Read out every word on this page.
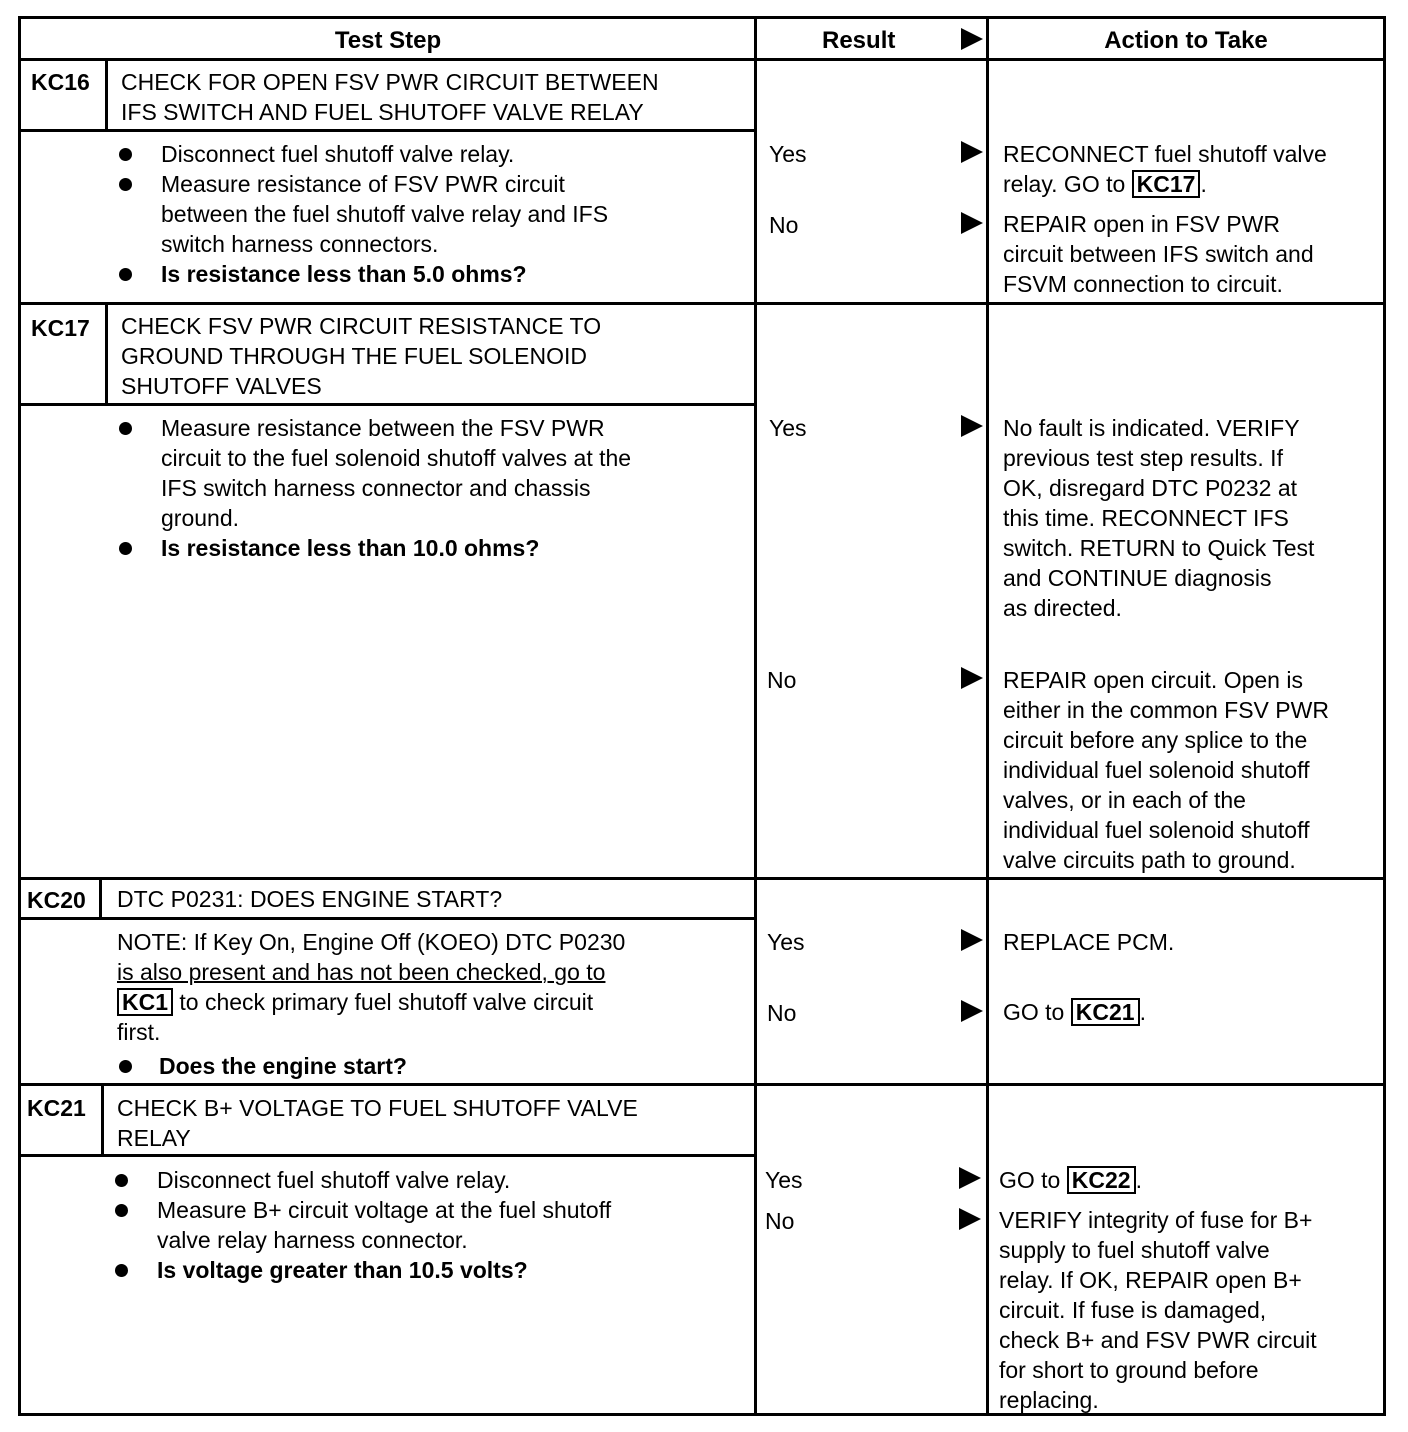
Test Step	Result	Action to Take
KC16 CHECK FOR OPEN FSV PWR CIRCUIT BETWEEN
IFS SWITCH AND FUEL SHUTOFF VALVE RELAY
Disconnect fuel shutoff valve relay.
Measure resistance of FSV PWR circuit
between the fuel shutoff valve relay and IFS
switch harness connectors.
Is resistance less than 5.0 ohms?
Yes	RECONNECT fuel shutoff valve
relay. GO to KC17 .
No	REPAIR open in FSV PWR
circuit between IFS switch and
FSVM connection to circuit.
KC17 CHECK FSV PWR CIRCUIT RESISTANCE TO
GROUND THROUGH THE FUEL SOLENOID
SHUTOFF VALVES
Measure resistance between the FSV PWR
circuit to the fuel solenoid shutoff valves at the
IFS switch harness connector and chassis
ground.
Is resistance less than 10.0 ohms?
Yes	No fault is indicated. VERIFY
previous test step results. If
OK, disregard DTC P0232 at
this time. RECONNECT IFS
switch. RETURN to Quick Test
and CONTINUE diagnosis
as directed.
No	REPAIR open circuit. Open is
either in the common FSV PWR
circuit before any splice to the
individual fuel solenoid shutoff
valves, or in each of the
individual fuel solenoid shutoff
valve circuits path to ground.
KC20 DTC P0231: DOES ENGINE START?
NOTE: If Key On, Engine Off (KOEO) DTC P0230
is also present and has not been checked, go to
KC1 to check primary fuel shutoff valve circuit
first.
Does the engine start?
Yes	REPLACE PCM.
No	GO to KC21 .
KC21 CHECK B+ VOLTAGE TO FUEL SHUTOFF VALVE
RELAY
Disconnect fuel shutoff valve relay.
Measure B+ circuit voltage at the fuel shutoff
valve relay harness connector.
Is voltage greater than 10.5 volts?
Yes	GO to KC22 .
No	VERIFY integrity of fuse for B+
supply to fuel shutoff valve
relay. If OK, REPAIR open B+
circuit. If fuse is damaged,
check B+ and FSV PWR circuit
for short to ground before
replacing.
